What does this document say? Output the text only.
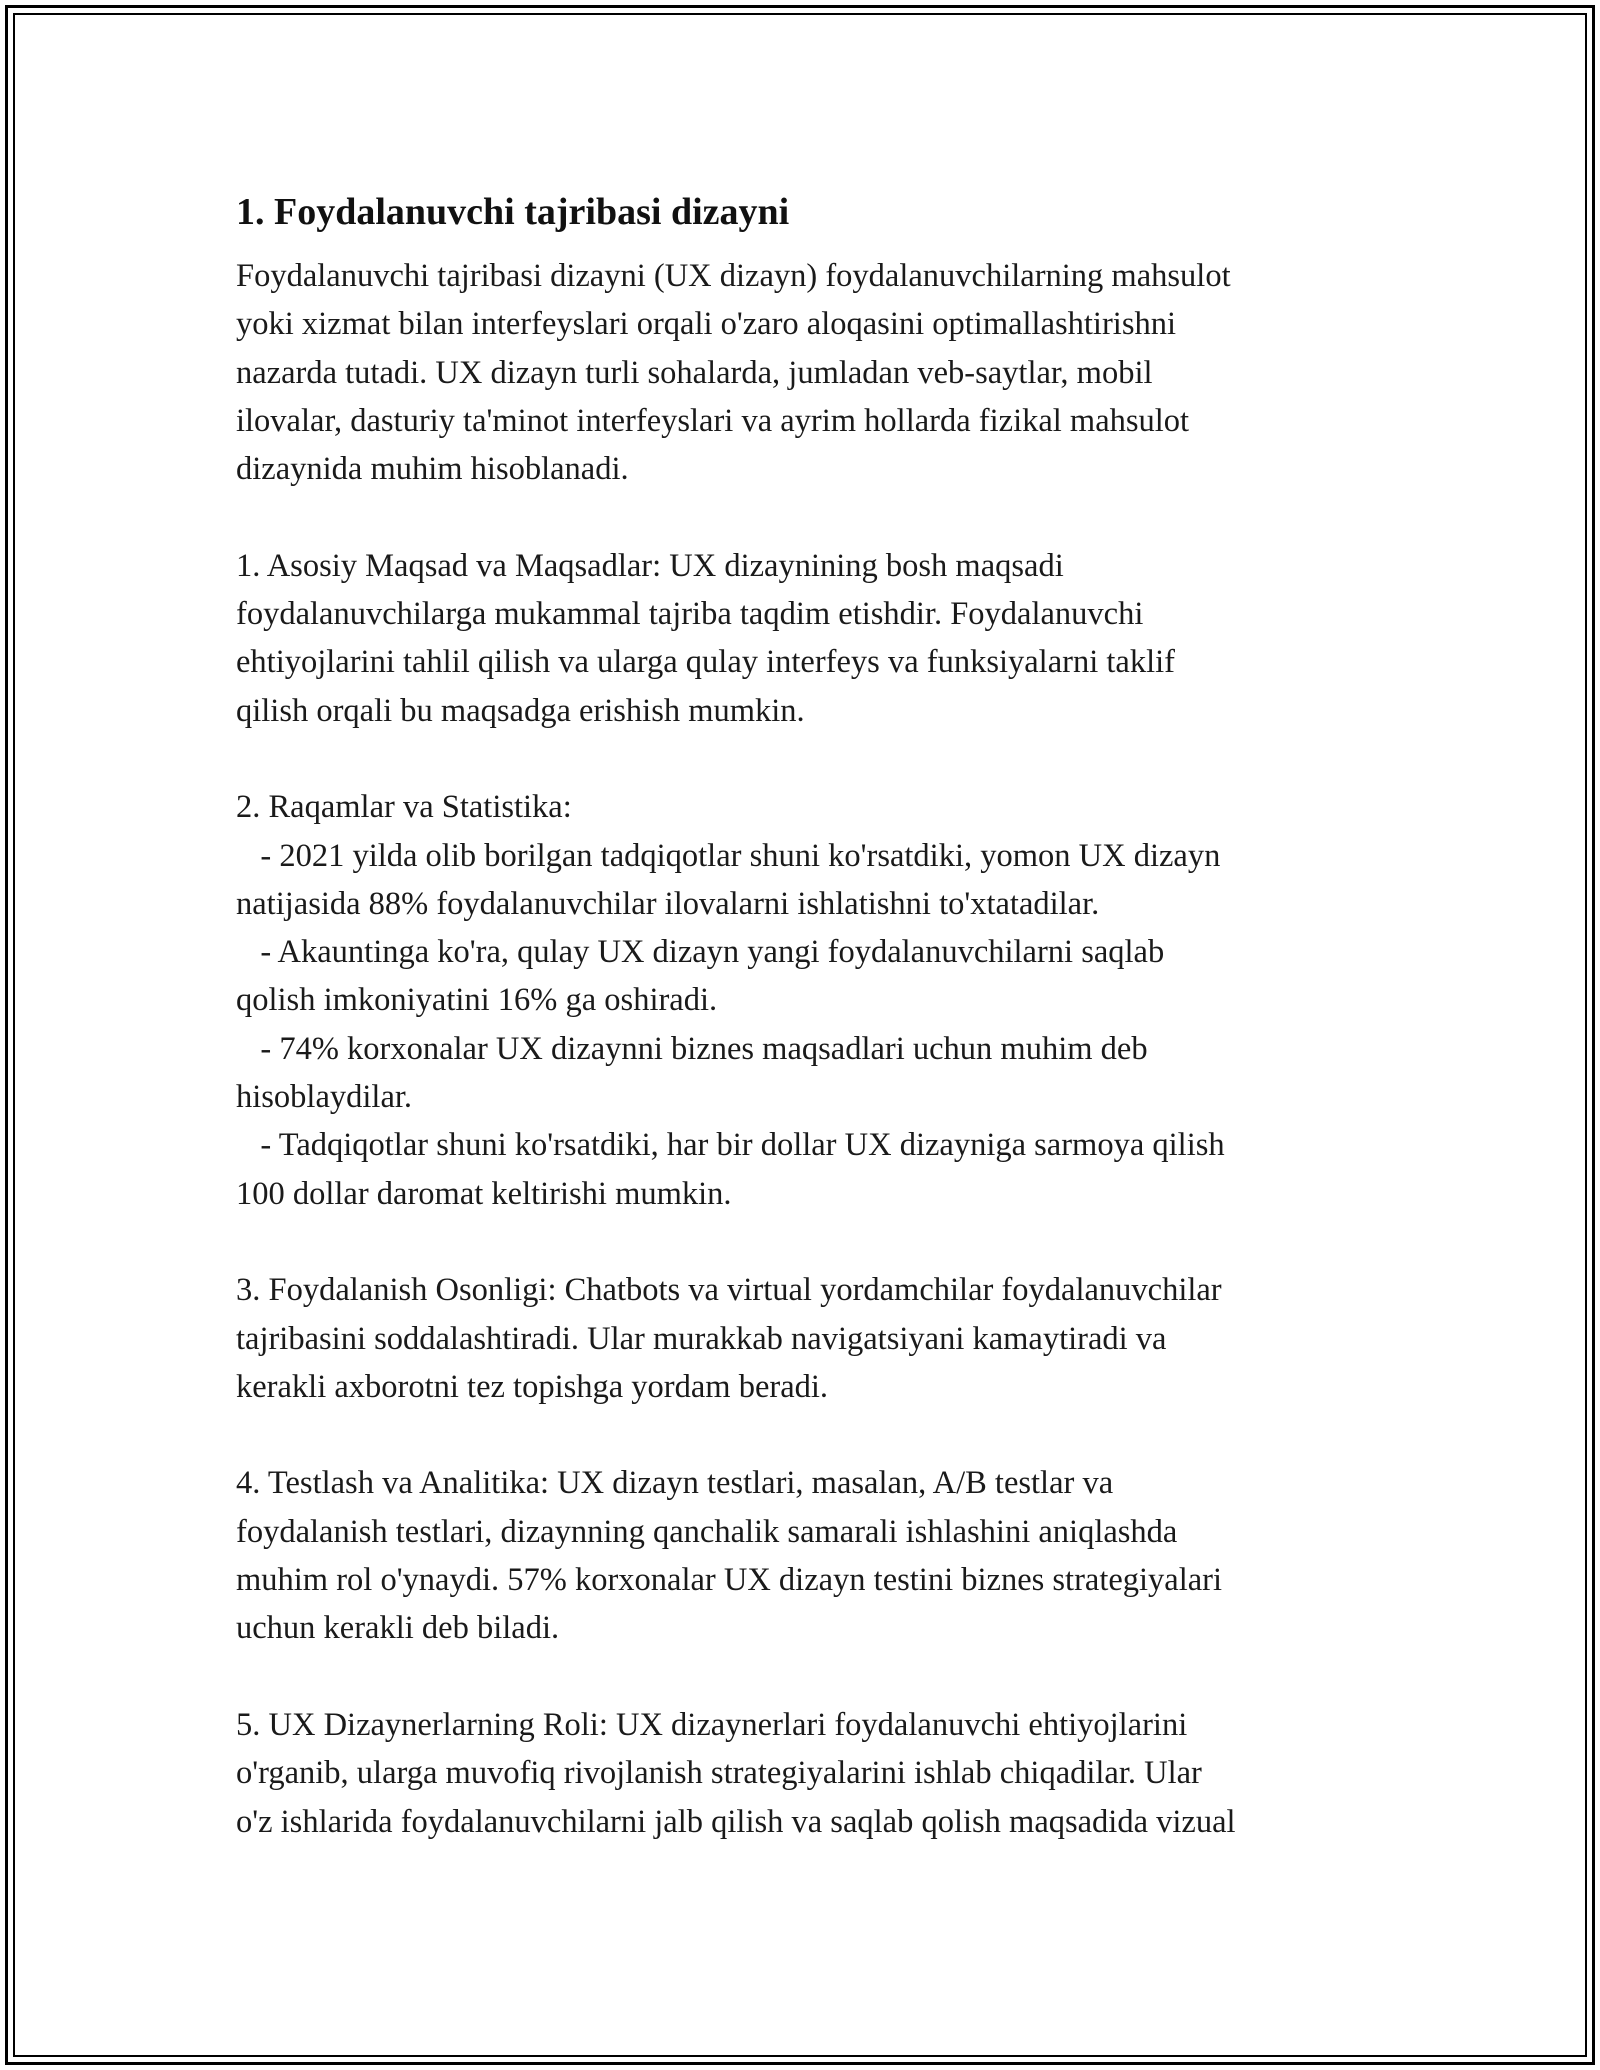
1. Foydalanuvchi tajribasi dizayni
Foydalanuvchi tajribasi dizayni (UX dizayn) foydalanuvchilarning mahsulot
yoki xizmat bilan interfeyslari orqali o'zaro aloqasini optimallashtirishni
nazarda tutadi. UX dizayn turli sohalarda, jumladan veb-saytlar, mobil
ilovalar, dasturiy ta'minot interfeyslari va ayrim hollarda fizikal mahsulot
dizaynida muhim hisoblanadi.
1. Asosiy Maqsad va Maqsadlar: UX dizaynining bosh maqsadi
foydalanuvchilarga mukammal tajriba taqdim etishdir. Foydalanuvchi
ehtiyojlarini tahlil qilish va ularga qulay interfeys va funksiyalarni taklif
qilish orqali bu maqsadga erishish mumkin.
2. Raqamlar va Statistika:
- 2021 yilda olib borilgan tadqiqotlar shuni ko'rsatdiki, yomon UX dizayn
natijasida 88% foydalanuvchilar ilovalarni ishlatishni to'xtatadilar.
- Akauntinga ko'ra, qulay UX dizayn yangi foydalanuvchilarni saqlab
qolish imkoniyatini 16% ga oshiradi.
- 74% korxonalar UX dizaynni biznes maqsadlari uchun muhim deb
hisoblaydilar.
- Tadqiqotlar shuni ko'rsatdiki, har bir dollar UX dizayniga sarmoya qilish
100 dollar daromat keltirishi mumkin.
3. Foydalanish Osonligi: Chatbots va virtual yordamchilar foydalanuvchilar
tajribasini soddalashtiradi. Ular murakkab navigatsiyani kamaytiradi va
kerakli axborotni tez topishga yordam beradi.
4. Testlash va Analitika: UX dizayn testlari, masalan, A/B testlar va
foydalanish testlari, dizaynning qanchalik samarali ishlashini aniqlashda
muhim rol o'ynaydi. 57% korxonalar UX dizayn testini biznes strategiyalari
uchun kerakli deb biladi.
5. UX Dizaynerlarning Roli: UX dizaynerlari foydalanuvchi ehtiyojlarini
o'rganib, ularga muvofiq rivojlanish strategiyalarini ishlab chiqadilar. Ular
o'z ishlarida foydalanuvchilarni jalb qilish va saqlab qolish maqsadida vizual
